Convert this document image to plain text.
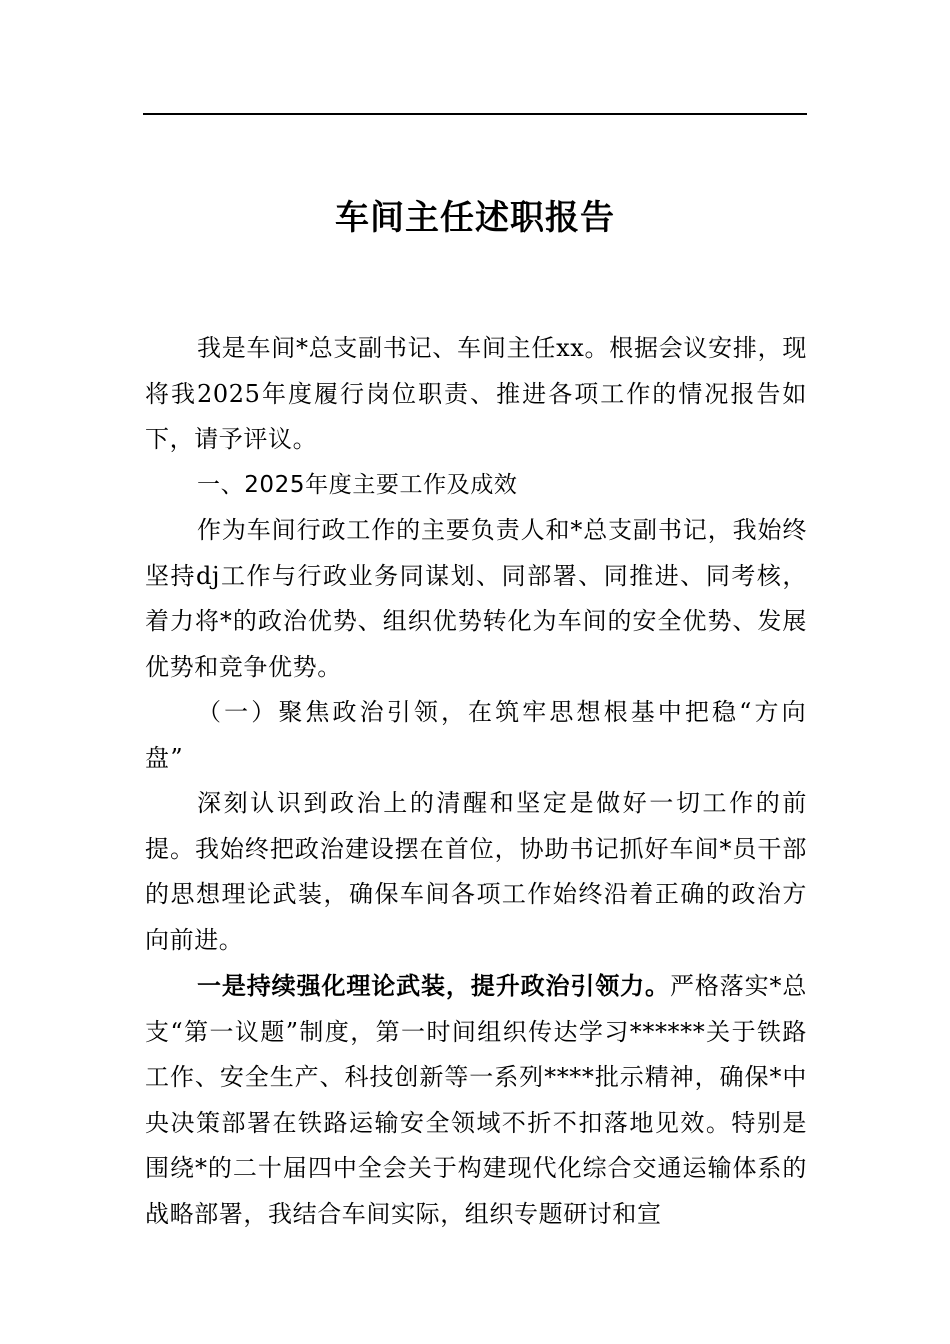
车间主任述职报告

我是车间*总支副书记、车间主任xx。根据会议安排，现将我2025年度履行岗位职责、推进各项工作的情况报告如下，请予评议。

一、2025年度主要工作及成效

作为车间行政工作的主要负责人和*总支副书记，我始终坚持dj工作与行政业务同谋划、同部署、同推进、同考核，着力将*的政治优势、组织优势转化为车间的安全优势、发展优势和竞争优势。

（一）聚焦政治引领，在筑牢思想根基中把稳“方向盘”

深刻认识到政治上的清醒和坚定是做好一切工作的前提。我始终把政治建设摆在首位，协助书记抓好车间*员干部的思想理论武装，确保车间各项工作始终沿着正确的政治方向前进。

一是持续强化理论武装，提升政治引领力。严格落实*总支“第一议题”制度，第一时间组织传达学习******关于铁路工作、安全生产、科技创新等一系列****批示精神，确保*中央决策部署在铁路运输安全领域不折不扣落地见效。特别是围绕*的二十届四中全会关于构建现代化综合交通运输体系的战略部署，我结合车间实际，组织专题研讨和宣
